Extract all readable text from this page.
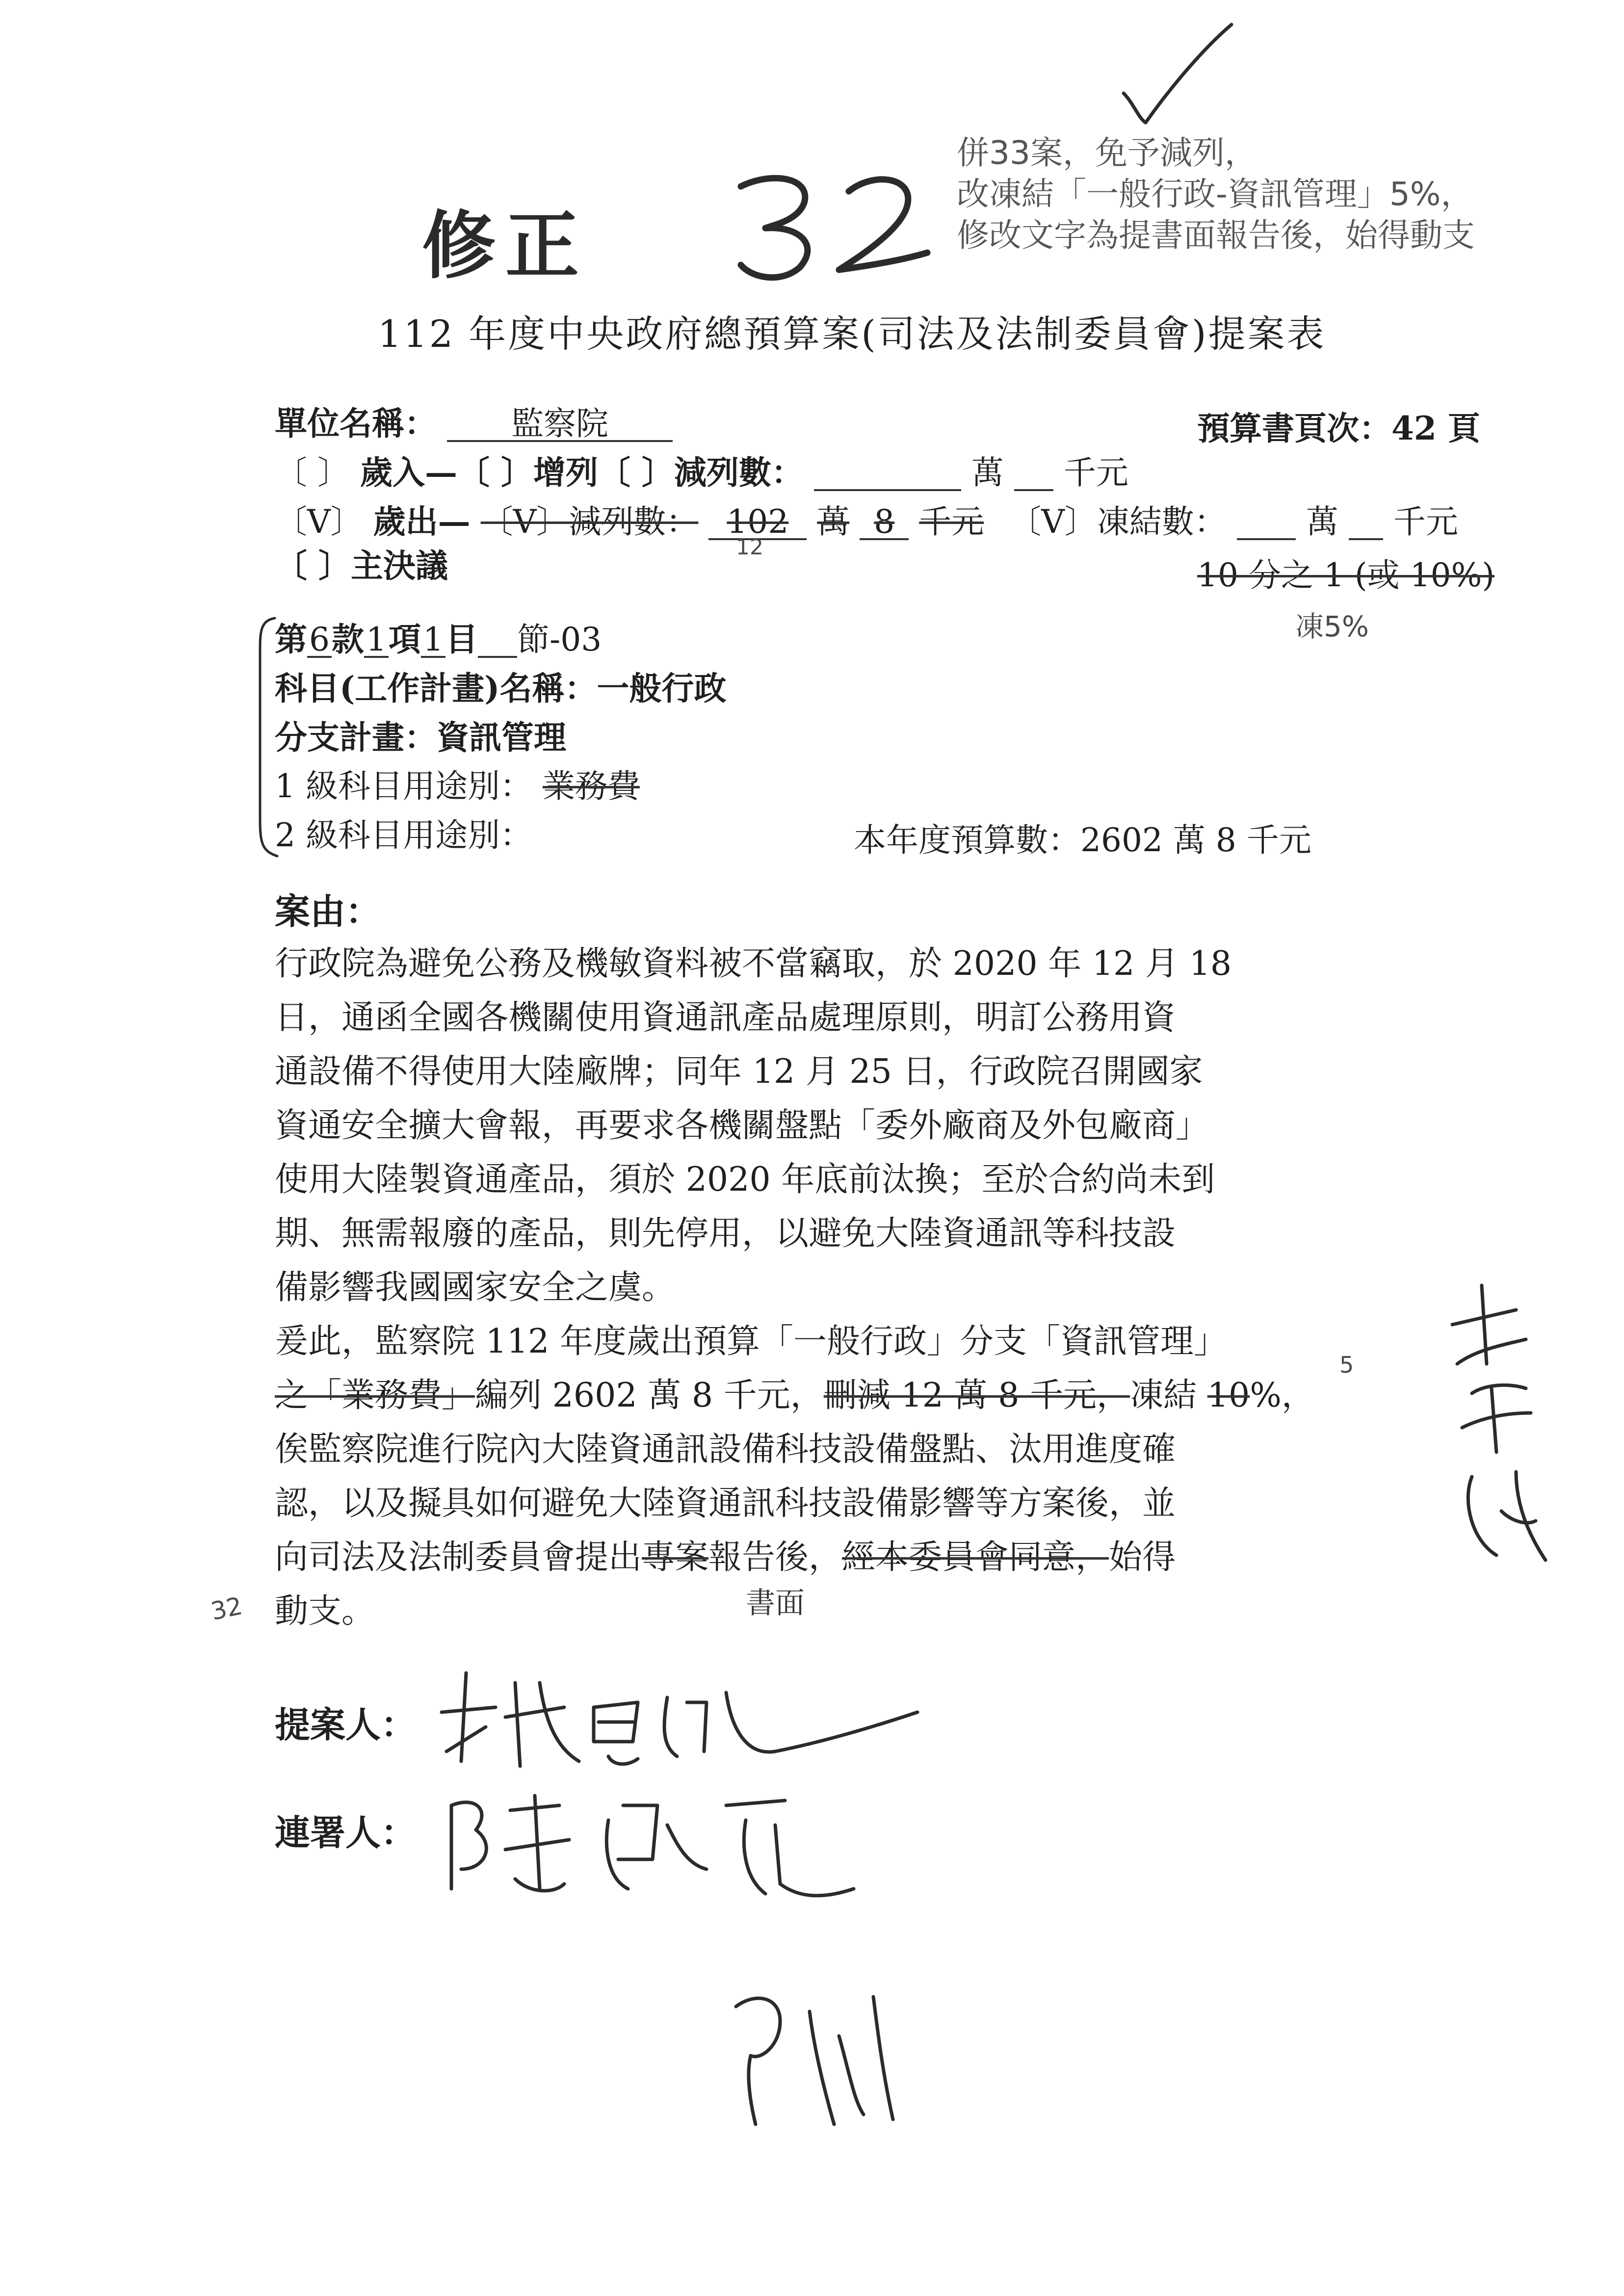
併33案，免予減列，
改凍結「一般行政-資訊管理」5%，
修改文字為提書面報告後，始得動支
修正
112 年度中央政府總預算案(司法及法制委員會)提案表
單位名稱： 監察院	預算書頁次：42 頁
〔 〕 歲入—〔 〕增列〔 〕減列數：	萬 千元
〔V〕 歲出— 〔V〕減列數： 102 萬 8 千元 〔V〕凍結數： 萬 千元
12
〔 〕主決議	10 分之 1 (或 10%)
凍5%
第6款1項1目 節-03
科目(工作計畫)名稱：一般行政
分支計畫：資訊管理
1 級科目用途別： 業務費
2 級科目用途別：	本年度預算數：2602 萬 8 千元
案由：
行政院為避免公務及機敏資料被不當竊取，於 2020 年 12 月 18
日，通函全國各機關使用資通訊產品處理原則，明訂公務用資
通設備不得使用大陸廠牌；同年 12 月 25 日，行政院召開國家
資通安全擴大會報，再要求各機關盤點「委外廠商及外包廠商」
使用大陸製資通產品，須於 2020 年底前汰換；至於合約尚未到
期、無需報廢的產品，則先停用，以避免大陸資通訊等科技設
備影響我國國家安全之虞。
爰此，監察院 112 年度歲出預算「一般行政」分支「資訊管理」
之「業務費」編列 2602 萬 8 千元，刪減 12 萬 8 千元，凍結 10%，
俟監察院進行院內大陸資通訊設備科技設備盤點、汰用進度確
認，以及擬具如何避免大陸資通訊科技設備影響等方案後，並
向司法及法制委員會提出專案報告後，經本委員會同意，始得
動支。
5
書面
32
提案人：
連署人：
